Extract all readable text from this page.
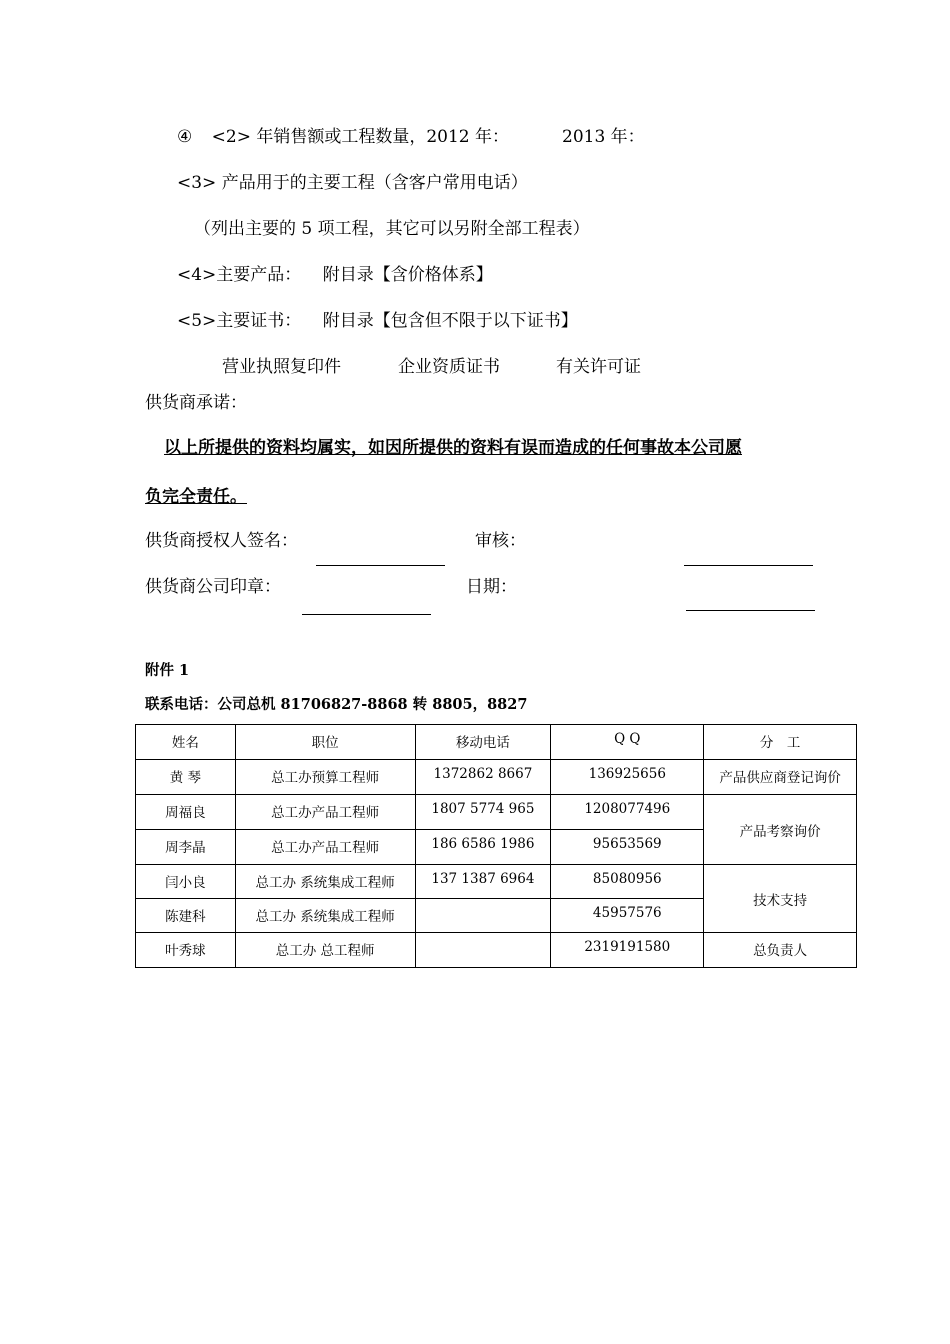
④ <2> 年销售额或工程数量，2012 年：	2013 年：
<3> 产品用于的主要工程（含客户常用电话）
（列出主要的 5 项工程，其它可以另附全部工程表）
<4>主要产品： 附目录【含价格体系】
<5>主要证书： 附目录【包含但不限于以下证书】
营业执照复印件	企业资质证书	有关许可证
供货商承诺：
以上所提供的资料均属实，如因所提供的资料有误而造成的任何事故本公司愿
负完全责任。
供货商授权人签名：	审核：
供货商公司印章：	日期：
附件 1
联系电话：公司总机 81706827-8868 转 8805，8827
姓名	职位	移动电话	Q Q	分　工
黄 琴	总工办预算工程师	1372862 8667	136925656	产品供应商登记询价
周福良	总工办产品工程师	1807 5774 965	1208077496	产品考察询价
周李晶	总工办产品工程师	186 6586 1986	95653569	
闫小良	总工办 系统集成工程师	137 1387 6964	85080956	技术支持
陈建科	总工办 系统集成工程师		45957576	
叶秀球	总工办 总工程师		2319191580	总负责人
